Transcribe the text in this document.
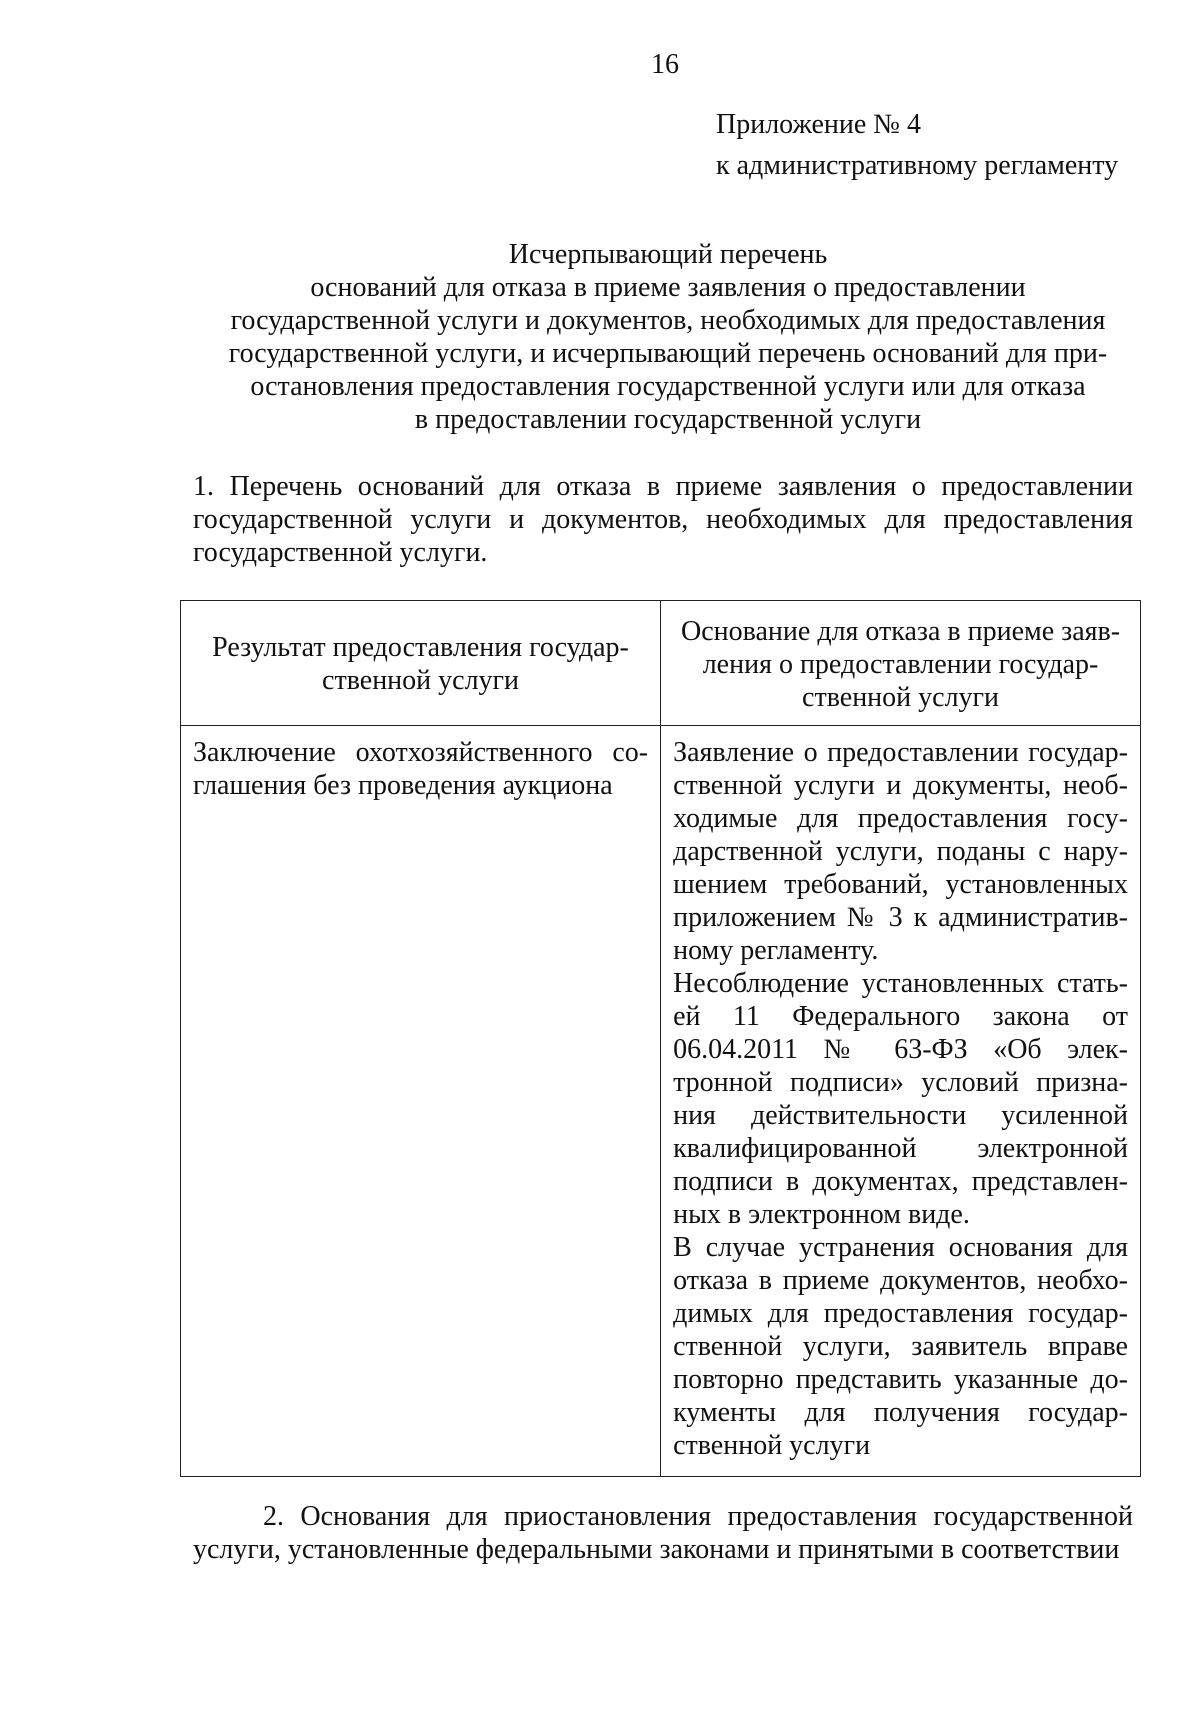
16
Приложение № 4
к административному регламенту
Исчерпывающий перечень
оснований для отказа в приеме заявления о предоставлении
государственной услуги и документов, необходимых для предоставления
государственной услуги, и исчерпывающий перечень оснований для при-
остановления предоставления государственной услуги или для отказа
в предоставлении государственной услуги
1. Перечень оснований для отказа в приеме заявления о предоставлении государственной услуги и документов, необходимых для предоставления государственной услуги.
Результат предоставления государ-ственной услуги	Основание для отказа в приеме заяв-ления о предоставлении государ-ственной услуги
Заключение охотхозяйственного со-глашения без проведения аукциона	Заявление о предоставлении государ-ственной услуги и документы, необ-ходимые для предоставления госу-дарственной услуги, поданы с нару-шением требований, установленных приложением № 3 к административ-ному регламенту.

Несоблюдение установленных стать-ей 11 Федерального закона от 06.04.2011 № 63-ФЗ «Об элек-тронной подписи» условий призна-ния действительности усиленной квалифицированной электронной подписи в документах, представлен-ных в электронном виде.

В случае устранения основания для отказа в приеме документов, необхо-димых для предоставления государ-ственной услуги, заявитель вправе повторно представить указанные до-кументы для получения государ-ственной услуги

2. Основания для приостановления предоставления государственной услуги, установленные федеральными законами и принятыми в соответствии
